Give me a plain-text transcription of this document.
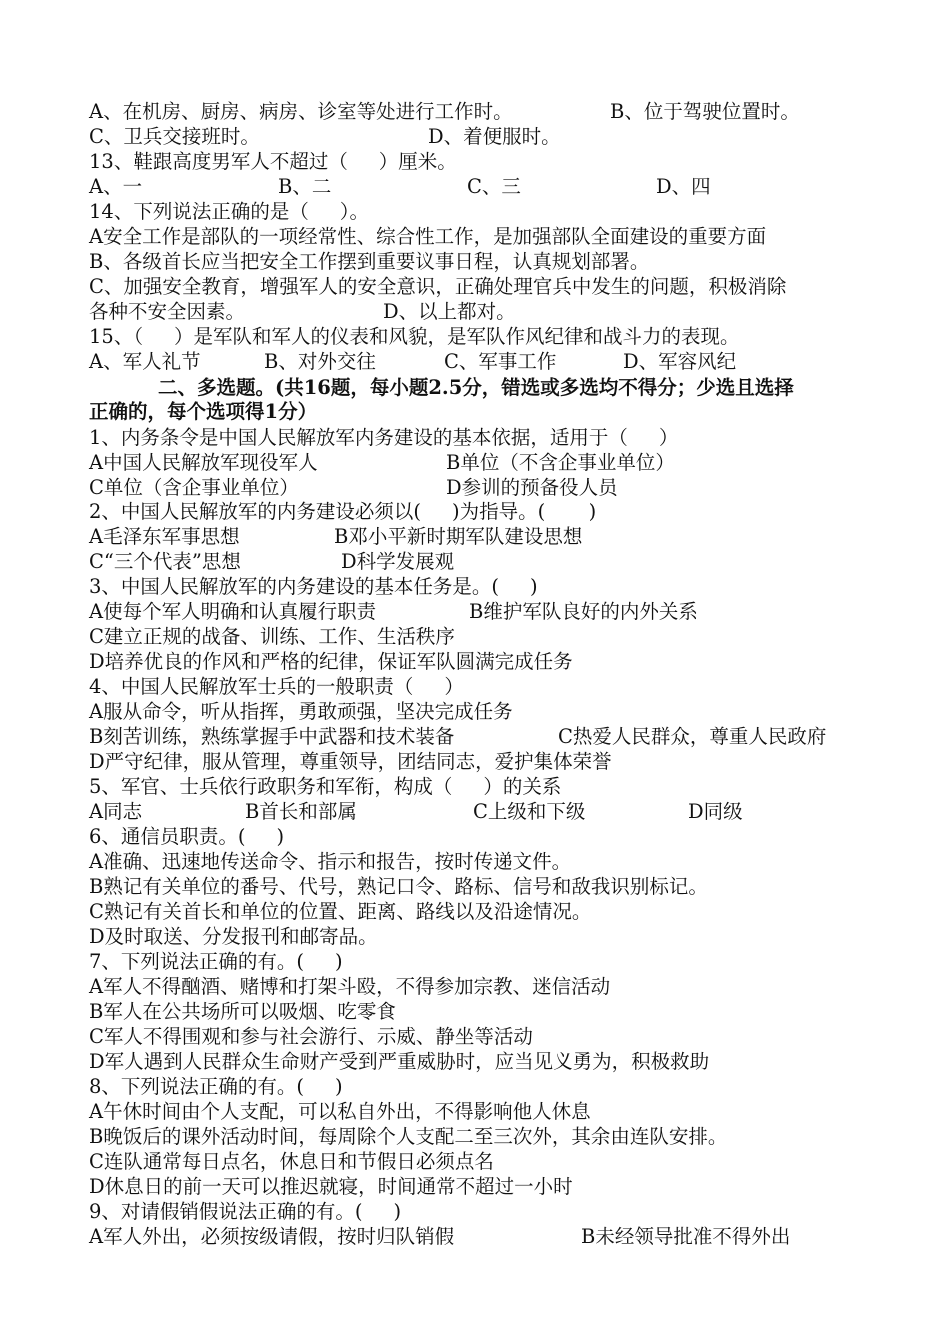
A、在机房、厨房、病房、诊室等处进行工作时。

	B、位于驾驶位置时。

C、卫兵交接班时。

	D、着便服时。

13、鞋跟高度男军人不超过（     ）厘米。

A、一

	B、二

	C、三

	D、四

14、下列说法正确的是（     ）。

A安全工作是部队的一项经常性、综合性工作，是加强部队全面建设的重要方面

B、各级首长应当把安全工作摆到重要议事日程，认真规划部署。

C、加强安全教育，增强军人的安全意识，正确处理官兵中发生的问题，积极消除

各种不安全因素。

	D、以上都对。

15、（     ）是军队和军人的仪表和风貌，是军队作风纪律和战斗力的表现。

A、军人礼节

	B、对外交往

	C、军事工作

	D、军容风纪

二、多选题。(共16题，每小题2.5分，错选或多选均不得分；少选且选择
正确的，每个选项得1分）

1、内务条令是中国人民解放军内务建设的基本依据，适用于（     ）

A中国人民解放军现役军人

	B单位（不含企事业单位）

C单位（含企事业单位）

	D参训的预备役人员

2、中国人民解放军的内务建设必须以(     )为指导。(       )

A毛泽东军事思想

	B邓小平新时期军队建设思想

C“三个代表”思想

	D科学发展观

3、中国人民解放军的内务建设的基本任务是。(     )

A使每个军人明确和认真履行职责

	B维护军队良好的内外关系

C建立正规的战备、训练、工作、生活秩序

D培养优良的作风和严格的纪律，保证军队圆满完成任务

4、中国人民解放军士兵的一般职责（     ）

A服从命令，听从指挥，勇敢顽强，坚决完成任务

B刻苦训练，熟练掌握手中武器和技术装备

	C热爱人民群众，尊重人民政府

D严守纪律，服从管理，尊重领导，团结同志，爱护集体荣誉

5、军官、士兵依行政职务和军衔，构成（     ）的关系

A同志

	B首长和部属

	C上级和下级

	D同级

6、通信员职责。(     )

A准确、迅速地传送命令、指示和报告，按时传递文件。

B熟记有关单位的番号、代号，熟记口令、路标、信号和敌我识别标记。

C熟记有关首长和单位的位置、距离、路线以及沿途情况。

D及时取送、分发报刊和邮寄品。

7、下列说法正确的有。(     )

A军人不得酗酒、赌博和打架斗殴，不得参加宗教、迷信活动

B军人在公共场所可以吸烟、吃零食

C军人不得围观和参与社会游行、示威、静坐等活动

D军人遇到人民群众生命财产受到严重威胁时，应当见义勇为，积极救助

8、下列说法正确的有。(     )

A午休时间由个人支配，可以私自外出，不得影响他人休息

B晚饭后的课外活动时间，每周除个人支配二至三次外，其余由连队安排。

C连队通常每日点名，休息日和节假日必须点名

D休息日的前一天可以推迟就寝，时间通常不超过一小时

9、对请假销假说法正确的有。(     )

A军人外出，必须按级请假，按时归队销假

	B未经领导批准不得外出
